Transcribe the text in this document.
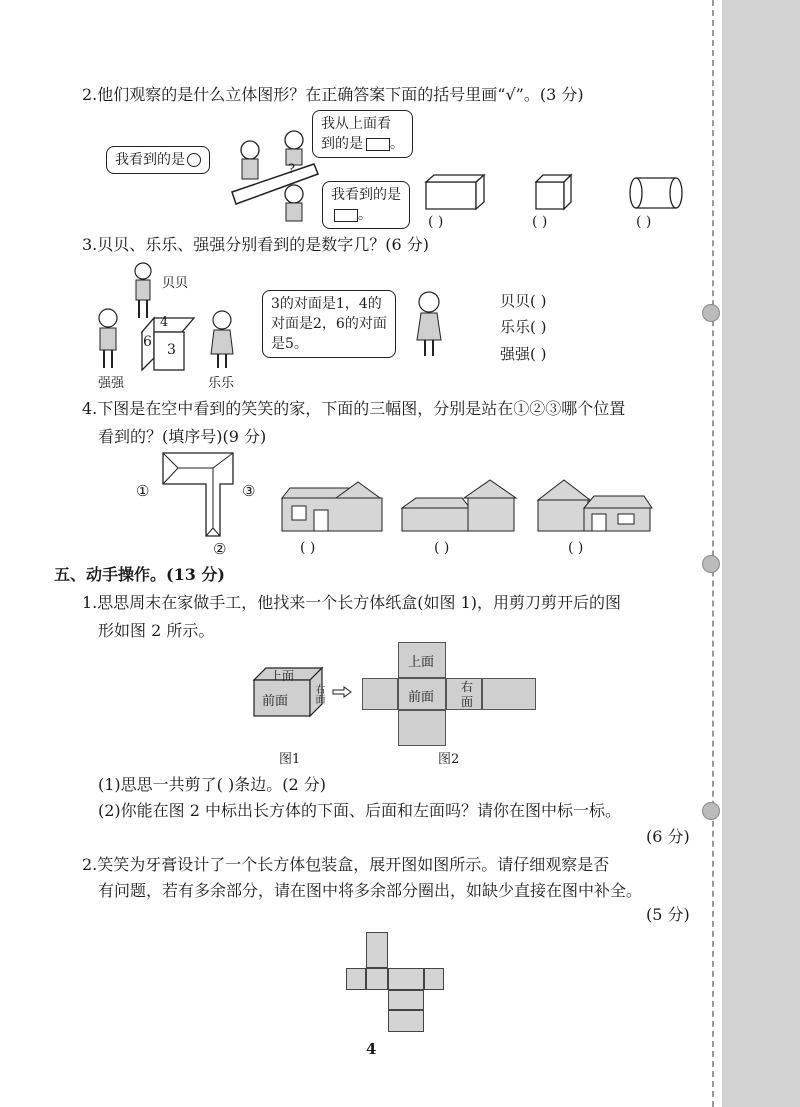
2.他们观察的是什么立体图形？在正确答案下面的括号里画“√”。(3 分)
我看到的是
我从上面看
到的是 。
我看到的是
。
?
( )	( )	( )
3.贝贝、乐乐、强强分别看到的是数字几？(6 分)
贝贝
强强
4
6 3
乐乐
3的对面是1，4的
对面是2，6的对面
是5。
贝贝( )
乐乐( )
强强( )
4.下图是在空中看到的笑笑的家，下面的三幅图，分别是站在①②③哪个位置
看到的？(填序号)(9 分)
①	③
②	( )	( )	( )
五、动手操作。(13 分)
1.思思周末在家做手工，他找来一个长方体纸盒(如图 1)，用剪刀剪开后的图
形如图 2 所示。
上面
前面 右面
上面
前面
右
面
图1	图2
(1)思思一共剪了( )条边。(2 分)
(2)你能在图 2 中标出长方体的下面、后面和左面吗？请你在图中标一标。
(6 分)
2.笑笑为牙膏设计了一个长方体包装盒，展开图如图所示。请仔细观察是否
有问题，若有多余部分，请在图中将多余部分圈出，如缺少直接在图中补全。
(5 分)
4
